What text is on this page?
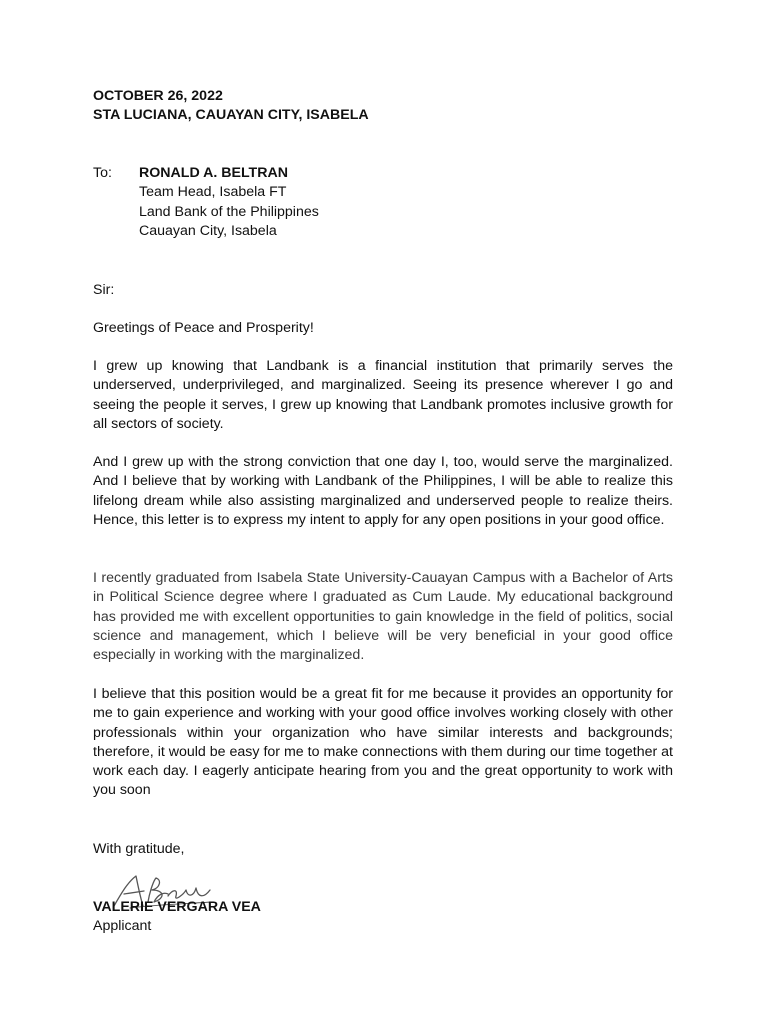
OCTOBER 26, 2022
STA LUCIANA, CAUAYAN CITY, ISABELA
To: RONALD A. BELTRAN
Team Head, Isabela FT
Land Bank of the Philippines
Cauayan City, Isabela
Sir:
Greetings of Peace and Prosperity!

I grew up knowing that Landbank is a financial institution that primarily serves the underserved, underprivileged, and marginalized. Seeing its presence wherever I go and seeing the people it serves, I grew up knowing that Landbank promotes inclusive growth for all sectors of society.

And I grew up with the strong conviction that one day I, too, would serve the marginalized. And I believe that by working with Landbank of the Philippines, I will be able to realize this lifelong dream while also assisting marginalized and underserved people to realize theirs. Hence, this letter is to express my intent to apply for any open positions in your good office.

I recently graduated from Isabela State University-Cauayan Campus with a Bachelor of Arts in Political Science degree where I graduated as Cum Laude. My educational background has provided me with excellent opportunities to gain knowledge in the field of politics, social science and management, which I believe will be very beneficial in your good office especially in working with the marginalized.

I believe that this position would be a great fit for me because it provides an opportunity for me to gain experience and working with your good office involves working closely with other professionals within your organization who have similar interests and backgrounds; therefore, it would be easy for me to make connections with them during our time together at work each day. I eagerly anticipate hearing from you and the great opportunity to work with you soon

With gratitude,
VALERIE VERGARA VEA
Applicant
